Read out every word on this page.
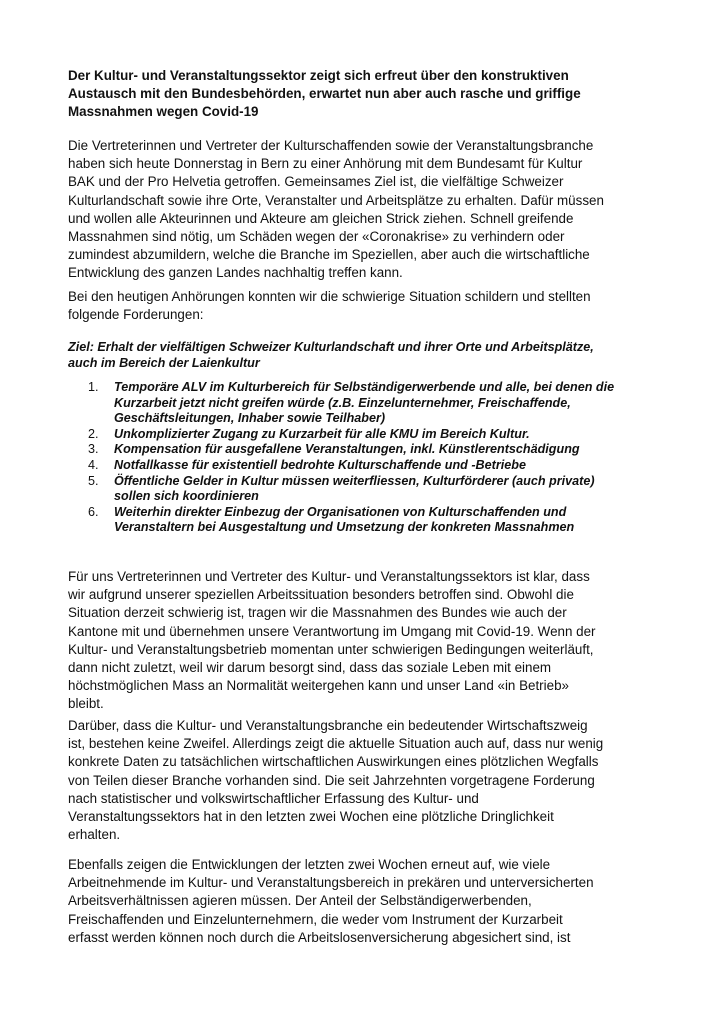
Der Kultur- und Veranstaltungssektor zeigt sich erfreut über den konstruktiven
Austausch mit den Bundesbehörden, erwartet nun aber auch rasche und griffige
Massnahmen wegen Covid-19
Die Vertreterinnen und Vertreter der Kulturschaffenden sowie der Veranstaltungsbranche
haben sich heute Donnerstag in Bern zu einer Anhörung mit dem Bundesamt für Kultur
BAK und der Pro Helvetia getroffen. Gemeinsames Ziel ist, die vielfältige Schweizer
Kulturlandschaft sowie ihre Orte, Veranstalter und Arbeitsplätze zu erhalten. Dafür müssen
und wollen alle Akteurinnen und Akteure am gleichen Strick ziehen. Schnell greifende
Massnahmen sind nötig, um Schäden wegen der «Coronakrise» zu verhindern oder
zumindest abzumildern, welche die Branche im Speziellen, aber auch die wirtschaftliche
Entwicklung des ganzen Landes nachhaltig treffen kann.
Bei den heutigen Anhörungen konnten wir die schwierige Situation schildern und stellten
folgende Forderungen:
Ziel: Erhalt der vielfältigen Schweizer Kulturlandschaft und ihrer Orte und Arbeitsplätze,
auch im Bereich der Laienkultur
1. Temporäre ALV im Kulturbereich für Selbständigerwerbende und alle, bei denen die
Kurzarbeit jetzt nicht greifen würde (z.B. Einzelunternehmer, Freischaffende,
Geschäftsleitungen, Inhaber sowie Teilhaber)
2. Unkomplizierter Zugang zu Kurzarbeit für alle KMU im Bereich Kultur.
3. Kompensation für ausgefallene Veranstaltungen, inkl. Künstlerentschädigung
4. Notfallkasse für existentiell bedrohte Kulturschaffende und -Betriebe
5. Öffentliche Gelder in Kultur müssen weiterfliessen, Kulturförderer (auch private)
sollen sich koordinieren
6. Weiterhin direkter Einbezug der Organisationen von Kulturschaffenden und
Veranstaltern bei Ausgestaltung und Umsetzung der konkreten Massnahmen
Für uns Vertreterinnen und Vertreter des Kultur- und Veranstaltungssektors ist klar, dass
wir aufgrund unserer speziellen Arbeitssituation besonders betroffen sind. Obwohl die
Situation derzeit schwierig ist, tragen wir die Massnahmen des Bundes wie auch der
Kantone mit und übernehmen unsere Verantwortung im Umgang mit Covid-19. Wenn der
Kultur- und Veranstaltungsbetrieb momentan unter schwierigen Bedingungen weiterläuft,
dann nicht zuletzt, weil wir darum besorgt sind, dass das soziale Leben mit einem
höchstmöglichen Mass an Normalität weitergehen kann und unser Land «in Betrieb»
bleibt.
Darüber, dass die Kultur- und Veranstaltungsbranche ein bedeutender Wirtschaftszweig
ist, bestehen keine Zweifel. Allerdings zeigt die aktuelle Situation auch auf, dass nur wenig
konkrete Daten zu tatsächlichen wirtschaftlichen Auswirkungen eines plötzlichen Wegfalls
von Teilen dieser Branche vorhanden sind. Die seit Jahrzehnten vorgetragene Forderung
nach statistischer und volkswirtschaftlicher Erfassung des Kultur- und
Veranstaltungssektors hat in den letzten zwei Wochen eine plötzliche Dringlichkeit
erhalten.
Ebenfalls zeigen die Entwicklungen der letzten zwei Wochen erneut auf, wie viele
Arbeitnehmende im Kultur- und Veranstaltungsbereich in prekären und unterversicherten
Arbeitsverhältnissen agieren müssen. Der Anteil der Selbständigerwerbenden,
Freischaffenden und Einzelunternehmern, die weder vom Instrument der Kurzarbeit
erfasst werden können noch durch die Arbeitslosenversicherung abgesichert sind, ist
